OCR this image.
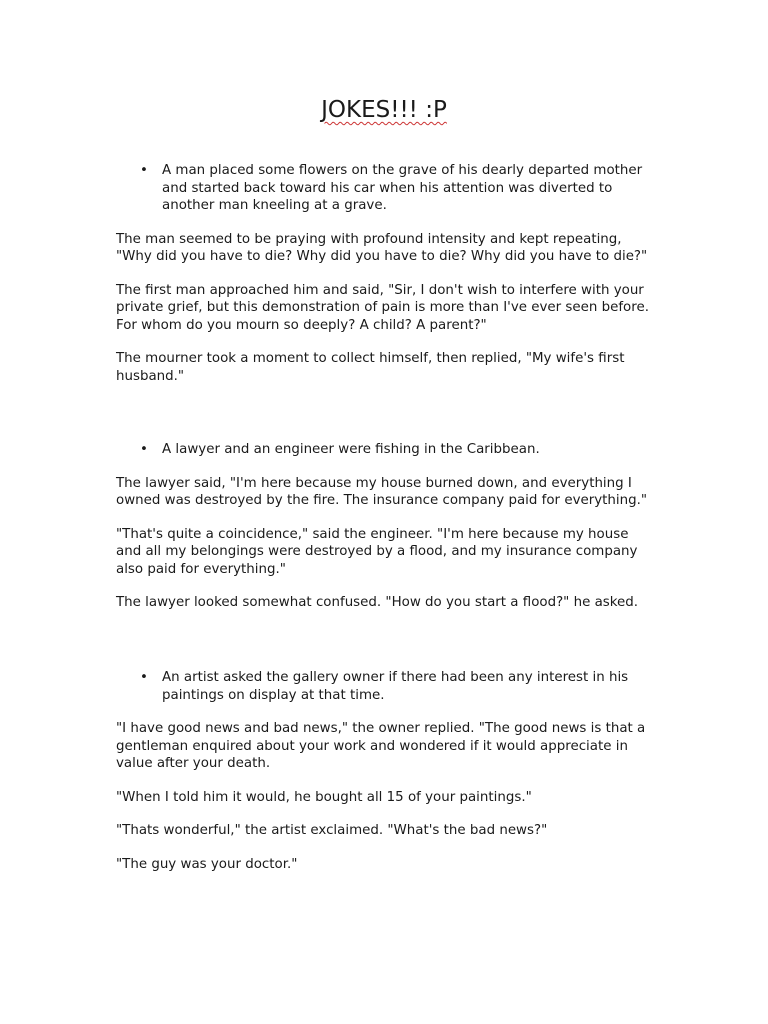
JOKES!!! :P
• A man placed some flowers on the grave of his dearly departed mother and started back toward his car when his attention was diverted to another man kneeling at a grave.

The man seemed to be praying with profound intensity and kept repeating, "Why did you have to die? Why did you have to die? Why did you have to die?"

The first man approached him and said, "Sir, I don't wish to interfere with your private grief, but this demonstration of pain is more than I've ever seen before. For whom do you mourn so deeply? A child? A parent?"

The mourner took a moment to collect himself, then replied, "My wife's first husband."

• A lawyer and an engineer were fishing in the Caribbean.

The lawyer said, "I'm here because my house burned down, and everything I owned was destroyed by the fire. The insurance company paid for everything."

"That's quite a coincidence," said the engineer. "I'm here because my house and all my belongings were destroyed by a flood, and my insurance company also paid for everything."

The lawyer looked somewhat confused. "How do you start a flood?" he asked.

• An artist asked the gallery owner if there had been any interest in his paintings on display at that time.

"I have good news and bad news," the owner replied. "The good news is that a gentleman enquired about your work and wondered if it would appreciate in value after your death.

"When I told him it would, he bought all 15 of your paintings."

"Thats wonderful," the artist exclaimed. "What's the bad news?"

"The guy was your doctor."
